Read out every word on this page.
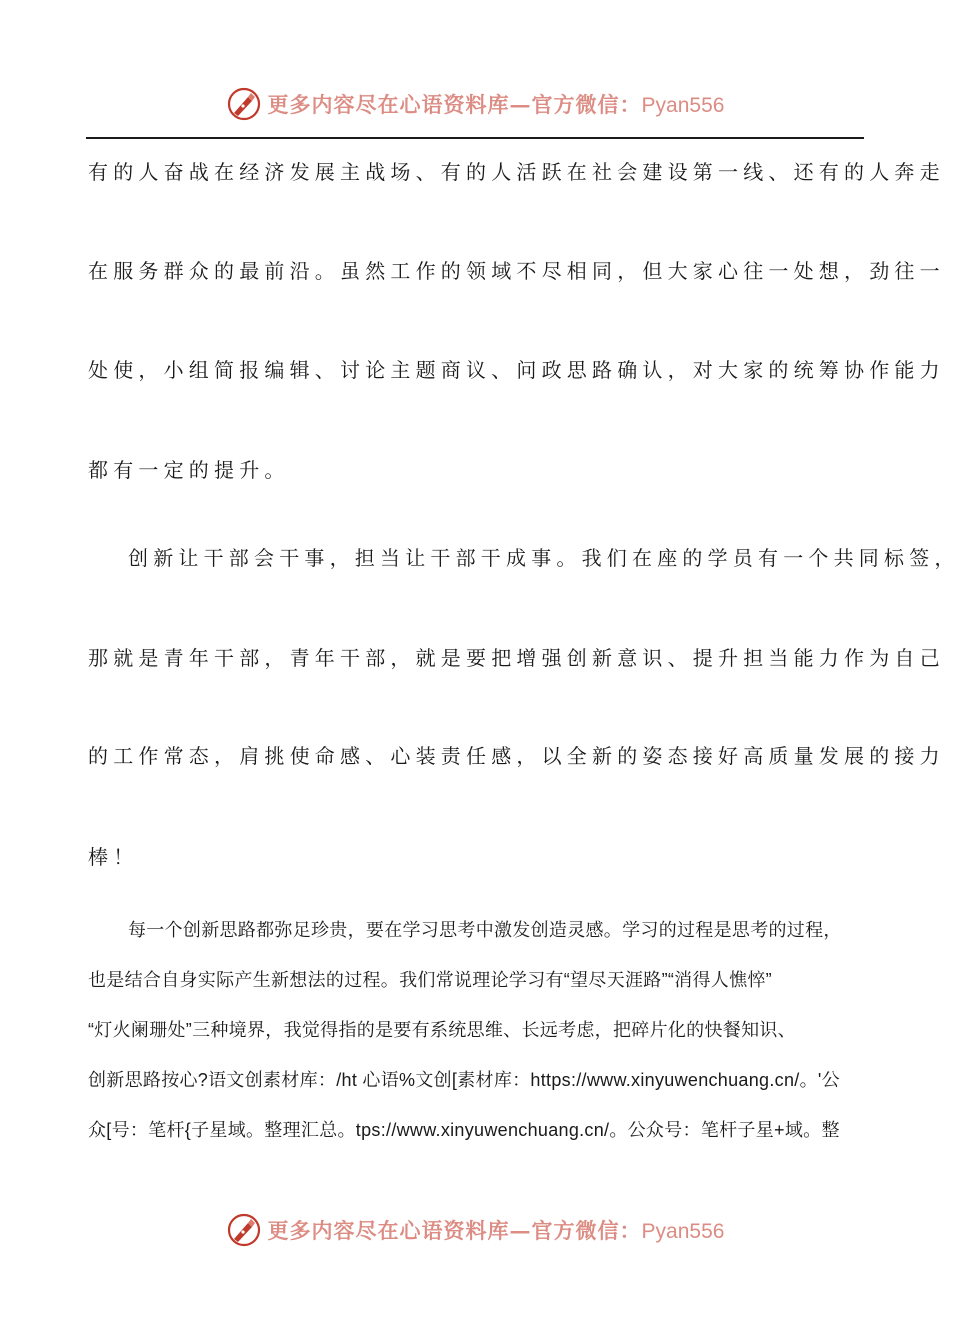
更多内容尽在心语资料库—官方微信：Pyan556
有的人奋战在经济发展主战场、有的人活跃在社会建设第一线、还有的人奔走
在服务群众的最前沿。虽然工作的领域不尽相同，但大家心往一处想，劲往一
处使，小组简报编辑、讨论主题商议、问政思路确认，对大家的统筹协作能力
都有一定的提升。
创新让干部会干事，担当让干部干成事。我们在座的学员有一个共同标签，
那就是青年干部，青年干部，就是要把增强创新意识、提升担当能力作为自己
的工作常态，肩挑使命感、心装责任感，以全新的姿态接好高质量发展的接力
棒！
每一个创新思路都弥足珍贵，要在学习思考中激发创造灵感。学习的过程是思考的过程，
也是结合自身实际产生新想法的过程。我们常说理论学习有“望尽天涯路”“消得人憔悴”
“灯火阑珊处”三种境界，我觉得指的是要有系统思维、长远考虑，把碎片化的快餐知识、
创新思路按心?语文创素材库：/ht 心语%文创[素材库：https://www.xinyuwenchuang.cn/。'公
众[号：笔杆{子星域。整理汇总。tps://www.xinyuwenchuang.cn/。公众号：笔杆子星+域。整
更多内容尽在心语资料库—官方微信：Pyan556
